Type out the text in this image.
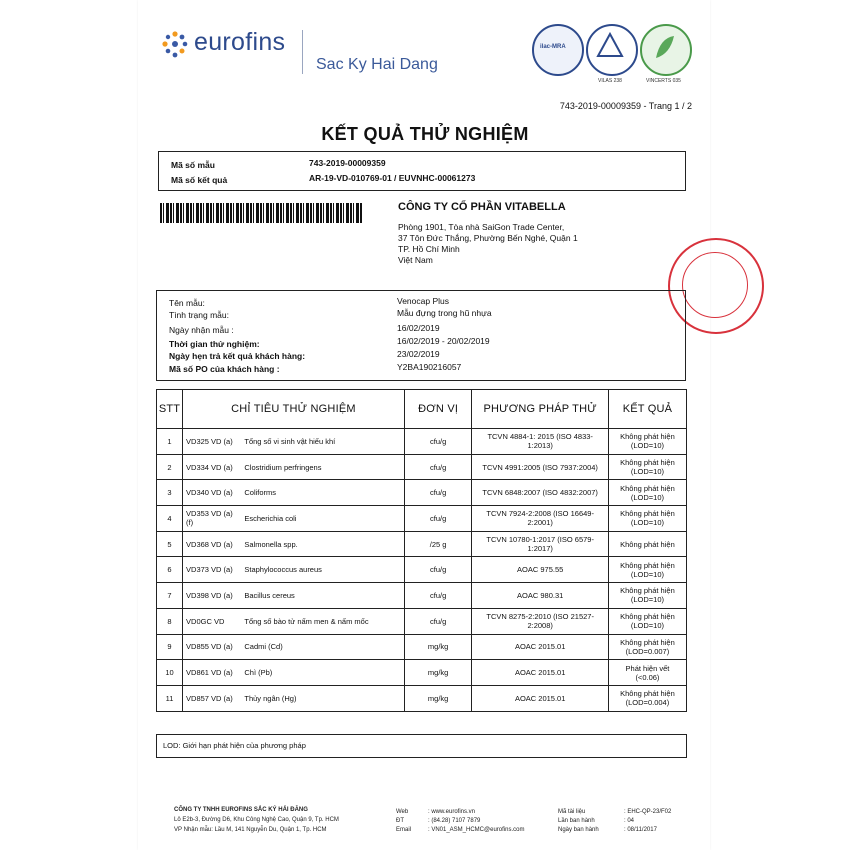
eurofins
Sac Ky Hai Dang
ilac-MRA
VILAS 238	VINCERTS 035
743-2019-00009359 - Trang 1 / 2
KẾT QUẢ THỬ NGHIỆM
Mã số mẫu	743-2019-00009359
Mã số kết quả	AR-19-VD-010769-01 / EUVNHC-00061273
CÔNG TY CỔ PHẦN VITABELLA
Phòng 1901, Tòa nhà SaiGon Trade Center,
37 Tôn Đức Thắng, Phường Bến Nghé, Quận 1
TP. Hồ Chí Minh
Việt Nam
Tên mẫu:	Venocap Plus
Tình trạng mẫu:	Mẫu đựng trong hũ nhựa
Ngày nhận mẫu :	16/02/2019
Thời gian thử nghiệm:	16/02/2019 - 20/02/2019
Ngày hẹn trả kết quả khách hàng:	23/02/2019
Mã số PO của khách hàng :	Y2BA190216057
STT	CHỈ TIÊU THỬ NGHIỆM		ĐƠN VỊ	PHƯƠNG PHÁP THỬ	KẾT QUẢ
1	VD325 VD (a)	Tổng số vi sinh vật hiếu khí	cfu/g	TCVN 4884-1: 2015 (ISO 4833-1:2013)	Không phát hiện
(LOD=10)

2	VD334 VD (a)	Clostridium perfringens	cfu/g	TCVN 4991:2005 (ISO 7937:2004)	Không phát hiện
(LOD=10)

3	VD340 VD (a)	Coliforms	cfu/g	TCVN 6848:2007 (ISO 4832:2007)	Không phát hiện
(LOD=10)

4	VD353 VD (a)(f)	Escherichia coli	cfu/g	TCVN 7924-2:2008 (ISO 16649-2:2001)	Không phát hiện
(LOD=10)

5	VD368 VD (a)	Salmonella spp.	/25 g	TCVN 10780-1:2017 (ISO 6579-1:2017)	Không phát hiện

6	VD373 VD (a)	Staphylococcus aureus	cfu/g	AOAC 975.55	Không phát hiện
(LOD=10)

7	VD398 VD (a)	Bacillus cereus	cfu/g	AOAC 980.31	Không phát hiện
(LOD=10)

8	VD0GC VD	Tổng số bào tử nấm men & nấm mốc	cfu/g	TCVN 8275-2:2010 (ISO 21527-2:2008)	Không phát hiện
(LOD=10)

9	VD855 VD (a)	Cadmi (Cd)	mg/kg	AOAC 2015.01	Không phát hiện
(LOD=0.007)

10	VD861 VD (a)	Chì (Pb)	mg/kg	AOAC 2015.01	Phát hiện vết
(<0.06)

11	VD857 VD (a)	Thủy ngân (Hg)	mg/kg	AOAC 2015.01	Không phát hiện
(LOD=0.004)
LOD: Giới hạn phát hiện của phương pháp
CÔNG TY TNHH EUROFINS SẮC KÝ HẢI ĐĂNG
Lô E2b-3, Đường D6, Khu Công Nghệ Cao, Quận 9, Tp. HCM
VP Nhận mẫu: Lầu M, 141 Nguyễn Du, Quận 1, Tp. HCM
Web	: www.eurofins.vn
ĐT	: (84.28) 7107 7879
Email	: VN01_ASM_HCMC@eurofins.com
Mã tài liệu	: EHC-QP-23/F02
Lần ban hành	: 04
Ngày ban hành	: 08/11/2017
